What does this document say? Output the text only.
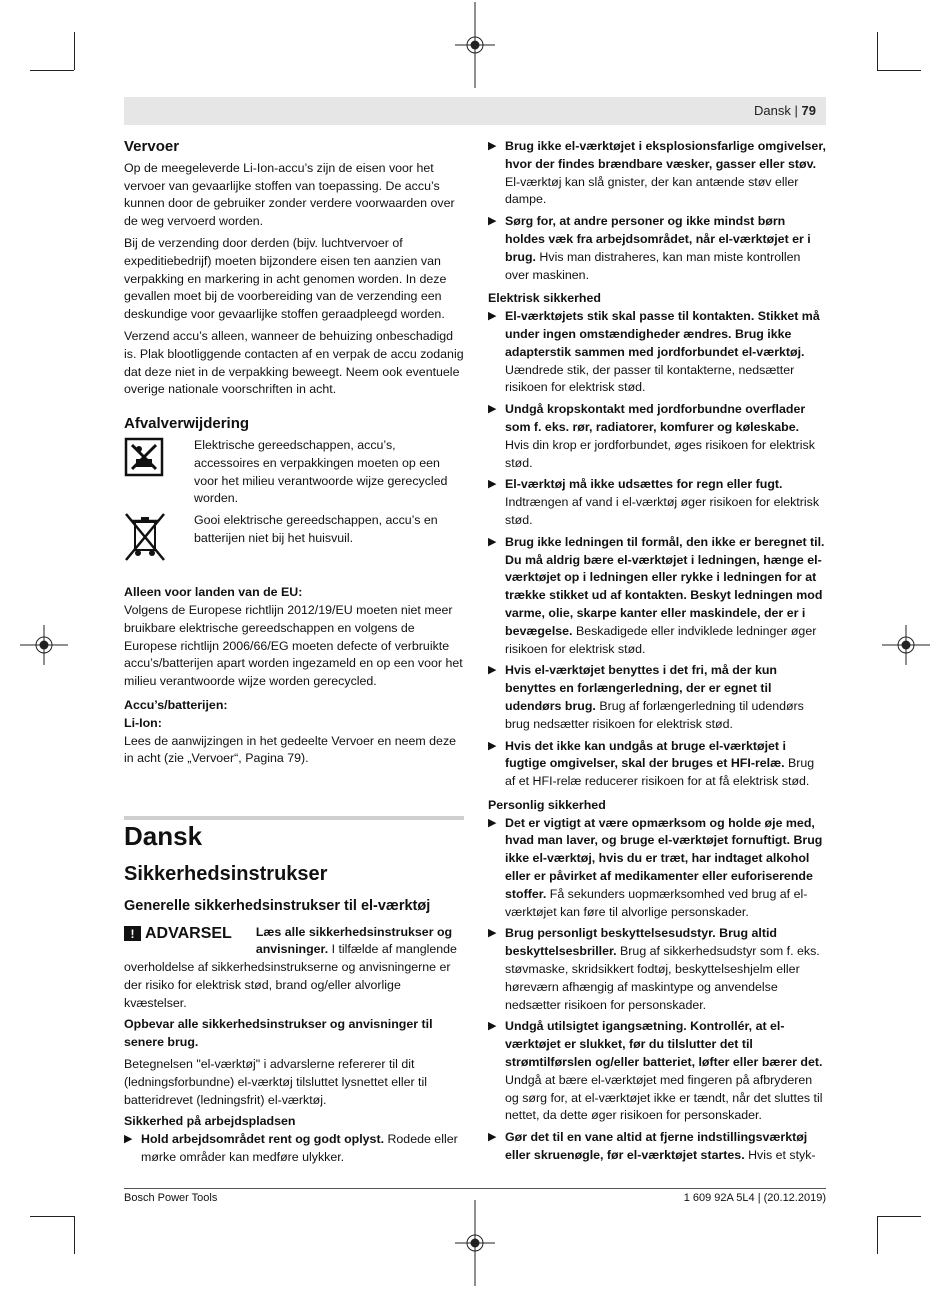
Dansk | 79
Vervoer

Op de meegeleverde Li-Ion-accu’s zijn de eisen voor het vervoer van gevaarlijke stoffen van toepassing. De accu’s kunnen door de gebruiker zonder verdere voorwaarden over de weg vervoerd worden.

Bij de verzending door derden (bijv. luchtvervoer of expeditiebedrijf) moeten bijzondere eisen ten aanzien van verpakking en markering in acht genomen worden. In deze gevallen moet bij de voorbereiding van de verzending een deskundige voor gevaarlijke stoffen geraadpleegd worden.

Verzend accu’s alleen, wanneer de behuizing onbeschadigd is. Plak blootliggende contacten af en verpak de accu zodanig dat deze niet in de verpakking beweegt. Neem ook eventuele overige nationale voorschriften in acht.

Afvalverwijdering
Elektrische gereedschappen, accu’s, accessoires en verpakkingen moeten op een voor het milieu verantwoorde wijze gerecycled worden.
Gooi elektrische gereedschappen, accu’s en batterijen niet bij het huisvuil.
Alleen voor landen van de EU:

Volgens de Europese richtlijn 2012/19/EU moeten niet meer bruikbare elektrische gereedschappen en volgens de Europese richtlijn 2006/66/EG moeten defecte of verbruikte accu’s/batterijen apart worden ingezameld en op een voor het milieu verantwoorde wijze worden gerecycled.

Accu’s/batterijen:
Li-Ion:

Lees de aanwijzingen in het gedeelte Vervoer en neem deze in acht (zie „Vervoer“, Pagina 79).

Dansk
Sikkerhedsinstrukser
Generelle sikkerhedsinstrukser til el-værktøj
! ADVARSEL Læs alle sikkerhedsinstrukser og anvisninger. I tilfælde af manglende overholdelse af sikkerhedsinstrukserne og anvisningerne er der risiko for elektrisk stød, brand og/eller alvorlige kvæstelser.

Opbevar alle sikkerhedsinstrukser og anvisninger til senere brug.

Betegnelsen "el-værktøj" i advarslerne refererer til dit (ledningsforbundne) el-værktøj tilsluttet lysnettet eller til batteridrevet (ledningsfrit) el-værktøj.

Sikkerhed på arbejdspladsen
▶ Hold arbejdsområdet rent og godt oplyst. Rodede eller mørke områder kan medføre ulykker.
▶ Brug ikke el-værktøjet i eksplosionsfarlige omgivelser, hvor der findes brændbare væsker, gasser eller støv. El-værktøj kan slå gnister, der kan antænde støv eller dampe.
▶ Sørg for, at andre personer og ikke mindst børn holdes væk fra arbejdsområdet, når el-værktøjet er i brug. Hvis man distraheres, kan man miste kontrollen over maskinen.
Elektrisk sikkerhed
▶ El-værktøjets stik skal passe til kontakten. Stikket må under ingen omstændigheder ændres. Brug ikke adapterstik sammen med jordforbundet el-værktøj. Uændrede stik, der passer til kontakterne, nedsætter risikoen for elektrisk stød.
▶ Undgå kropskontakt med jordforbundne overflader som f. eks. rør, radiatorer, komfurer og køleskabe. Hvis din krop er jordforbundet, øges risikoen for elektrisk stød.
▶ El-værktøj må ikke udsættes for regn eller fugt. Indtrængen af vand i el-værktøj øger risikoen for elektrisk stød.
▶ Brug ikke ledningen til formål, den ikke er beregnet til. Du må aldrig bære el-værktøjet i ledningen, hænge el-værktøjet op i ledningen eller rykke i ledningen for at trække stikket ud af kontakten. Beskyt ledningen mod varme, olie, skarpe kanter eller maskindele, der er i bevægelse. Beskadigede eller indviklede ledninger øger risikoen for elektrisk stød.
▶ Hvis el-værktøjet benyttes i det fri, må der kun benyttes en forlængerledning, der er egnet til udendørs brug. Brug af forlængerledning til udendørs brug nedsætter risikoen for elektrisk stød.
▶ Hvis det ikke kan undgås at bruge el-værktøjet i fugtige omgivelser, skal der bruges et HFI-relæ. Brug af et HFI-relæ reducerer risikoen for at få elektrisk stød.
Personlig sikkerhed
▶ Det er vigtigt at være opmærksom og holde øje med, hvad man laver, og bruge el-værktøjet fornuftigt. Brug ikke el-værktøj, hvis du er træt, har indtaget alkohol eller er påvirket af medikamenter eller euforiserende stoffer. Få sekunders uopmærksomhed ved brug af el-værktøjet kan føre til alvorlige personskader.
▶ Brug personligt beskyttelsesudstyr. Brug altid beskyttelsesbriller. Brug af sikkerhedsudstyr som f. eks. støvmaske, skridsikkert fodtøj, beskyttelseshjelm eller høreværn afhængig af maskintype og anvendelse nedsætter risikoen for personskader.
▶ Undgå utilsigtet igangsætning. Kontrollér, at el-værktøjet er slukket, før du tilslutter det til strømtilførslen og/eller batteriet, løfter eller bærer det. Undgå at bære el-værktøjet med fingeren på afbryderen og sørg for, at el-værktøjet ikke er tændt, når det sluttes til nettet, da dette øger risikoen for personskader.
▶ Gør det til en vane altid at fjerne indstillingsværktøj eller skruenøgle, før el-værktøjet startes. Hvis et styk-
Bosch Power Tools	1 609 92A 5L4 | (20.12.2019)
